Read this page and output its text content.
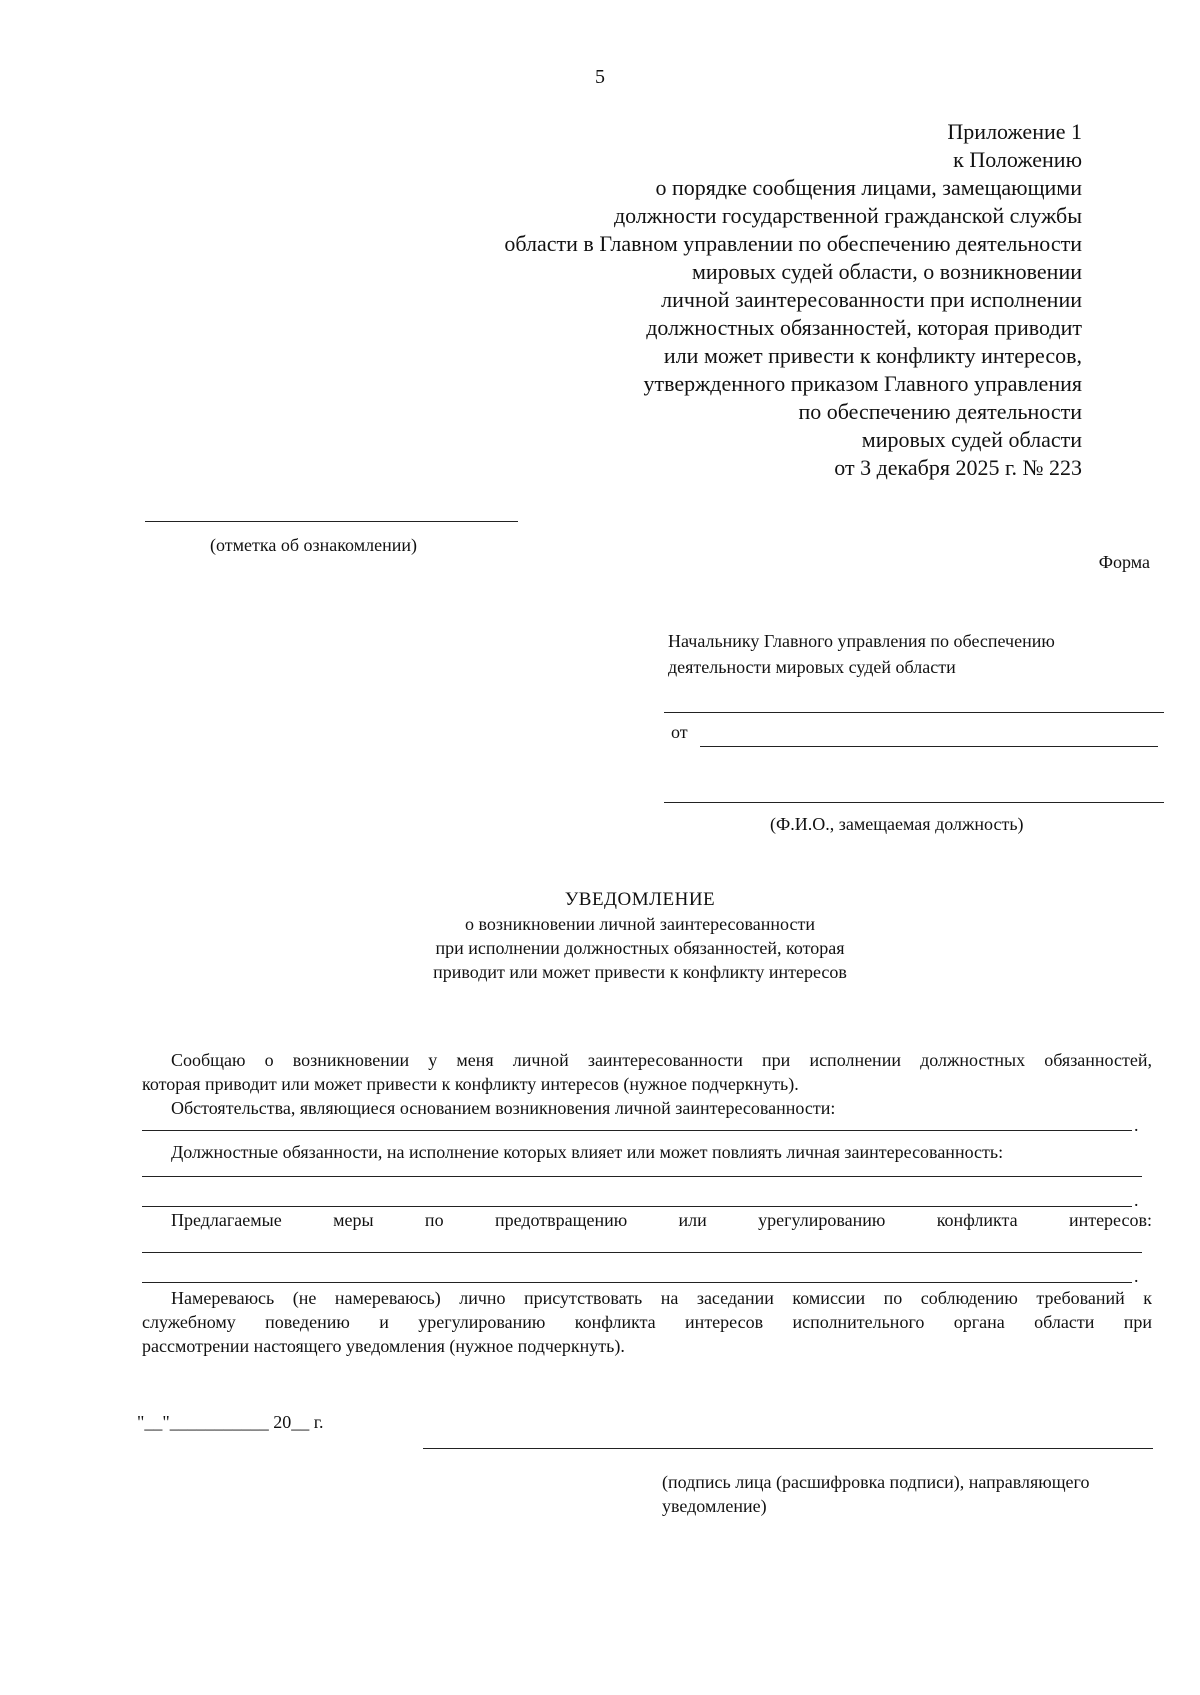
5
Приложение 1
к Положению
о порядке сообщения лицами, замещающими
должности государственной гражданской службы
области в Главном управлении по обеспечению деятельности
мировых судей области, о возникновении
личной заинтересованности при исполнении
должностных обязанностей, которая приводит
или может привести к конфликту интересов,
утвержденного приказом Главного управления
по обеспечению деятельности
мировых судей области
от 3 декабря 2025 г. № 223
(отметка об ознакомлении)
Форма
Начальнику Главного управления по обеспечению
деятельности мировых судей области
от
(Ф.И.О., замещаемая должность)
УВЕДОМЛЕНИЕ
о возникновении личной заинтересованности
при исполнении должностных обязанностей, которая
приводит или может привести к конфликту интересов
Сообщаю о возникновении у меня личной заинтересованности при исполнении должностных обязанностей,
которая приводит или может привести к конфликту интересов (нужное подчеркнуть).
Обстоятельства, являющиеся основанием возникновения личной заинтересованности:
.
Должностные обязанности, на исполнение которых влияет или может повлиять личная заинтересованность:
.
Предлагаемые меры по предотвращению или урегулированию конфликта интересов:
.
Намереваюсь (не намереваюсь) лично присутствовать на заседании комиссии по соблюдению требований к
служебному поведению и урегулированию конфликта интересов исполнительного органа области при
рассмотрении настоящего уведомления (нужное подчеркнуть).
"__"___________ 20__ г.
(подпись лица (расшифровка подписи), направляющего
уведомление)
